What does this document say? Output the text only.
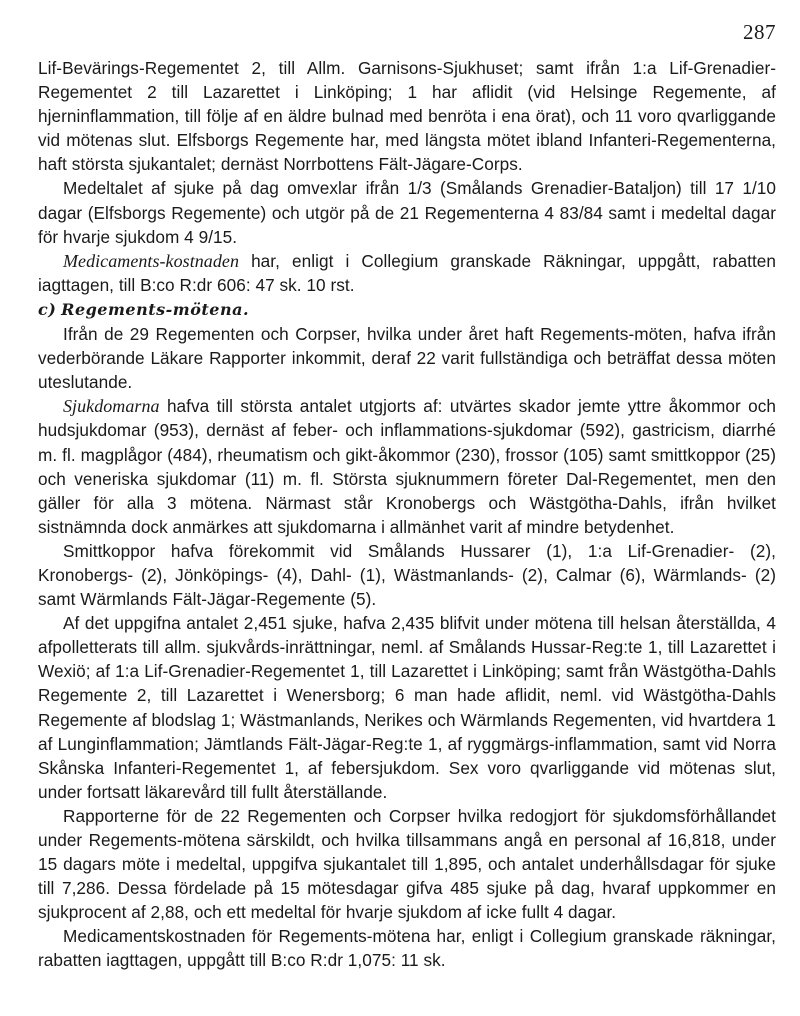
287

Lif-Bevärings-Regementet 2, till Allm. Garnisons-Sjukhuset; samt ifrån 1:a Lif-Grenadier-Regementet 2 till Lazarettet i Linköping; 1 har aflidit (vid Helsinge Regemente, af hjerninflammation, till följe af en äldre bulnad med benröta i ena örat), och 11 voro qvarliggande vid mötenas slut. Elfsborgs Regemente har, med längsta mötet ibland Infanteri-Regementerna, haft största sjukantalet; dernäst Norrbottens Fält-Jägare-Corps.

Medeltalet af sjuke på dag omvexlar ifrån 1/3 (Smålands Grenadier-Bataljon) till 17 1/10 dagar (Elfsborgs Regemente) och utgör på de 21 Regementerna 4 83/84 samt i medeltal dagar för hvarje sjukdom 4 9/15.

Medicaments-kostnaden har, enligt i Collegium granskade Räkningar, uppgått, rabatten iagttagen, till B:co R:dr 606: 47 sk. 10 rst.

c) Regements-mötena.

Ifrån de 29 Regementen och Corpser, hvilka under året haft Regements-möten, hafva ifrån vederbörande Läkare Rapporter inkommit, deraf 22 varit fullständiga och beträffat dessa möten uteslutande.

Sjukdomarna hafva till största antalet utgjorts af: utvärtes skador jemte yttre åkommor och hudsjukdomar (953), dernäst af feber- och inflammations-sjukdomar (592), gastricism, diarrhé m. fl. magplågor (484), rheumatism och gikt-åkommor (230), frossor (105) samt smittkoppor (25) och veneriska sjukdomar (11) m. fl. Största sjuknummern företer Dal-Regementet, men den gäller för alla 3 mötena. Närmast står Kronobergs och Wästgötha-Dahls, ifrån hvilket sistnämnda dock anmärkes att sjukdomarna i allmänhet varit af mindre betydenhet.

Smittkoppor hafva förekommit vid Smålands Hussarer (1), 1:a Lif-Grenadier- (2), Kronobergs- (2), Jönköpings- (4), Dahl- (1), Wästmanlands- (2), Calmar (6), Wärmlands- (2) samt Wärmlands Fält-Jägar-Regemente (5).

Af det uppgifna antalet 2,451 sjuke, hafva 2,435 blifvit under mötena till helsan återställda, 4 afpolletterats till allm. sjukvårds-inrättningar, neml. af Smålands Hussar-Reg:te 1, till Lazarettet i Wexiö; af 1:a Lif-Grenadier-Regementet 1, till Lazarettet i Linköping; samt från Wästgötha-Dahls Regemente 2, till Lazarettet i Wenersborg; 6 man hade aflidit, neml. vid Wästgötha-Dahls Regemente af blodslag 1; Wästmanlands, Nerikes och Wärmlands Regementen, vid hvartdera 1 af Lunginflammation; Jämtlands Fält-Jägar-Reg:te 1, af ryggmärgs-inflammation, samt vid Norra Skånska Infanteri-Regementet 1, af febersjukdom. Sex voro qvarliggande vid mötenas slut, under fortsatt läkarevård till fullt återställande.

Rapporterne för de 22 Regementen och Corpser hvilka redogjort för sjukdomsförhållandet under Regements-mötena särskildt, och hvilka tillsammans angå en personal af 16,818, under 15 dagars möte i medeltal, uppgifva sjukantalet till 1,895, och antalet underhållsdagar för sjuke till 7,286. Dessa fördelade på 15 mötesdagar gifva 485 sjuke på dag, hvaraf uppkommer en sjukprocent af 2,88, och ett medeltal för hvarje sjukdom af icke fullt 4 dagar.

Medicamentskostnaden för Regements-mötena har, enligt i Collegium granskade räkningar, rabatten iagttagen, uppgått till B:co R:dr 1,075: 11 sk.
